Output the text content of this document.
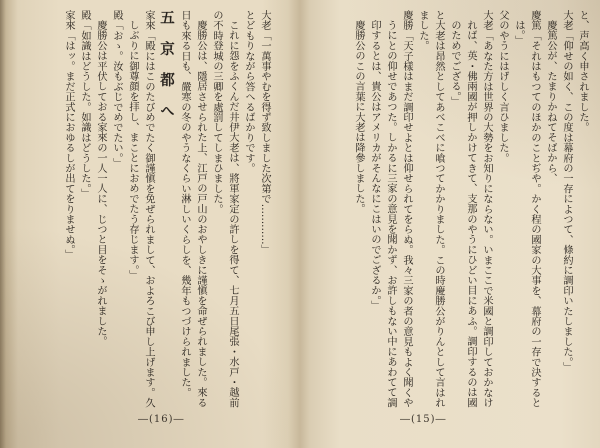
大老「一萬事やむを得ず致しました次第で…………」

とどもりながら答へるばかりです。

これに怨をふくんだ井伊大老は、將軍家定の許しを得て、七月五日尾張・水戸・越前の不時登城の三卿を處罰してしまひました。

慶勝公は、隱居させられた上、江戸の戸山のおやしきに謹愼を命ぜられました。來る日も來る日も、嚴寒の冬のやうなくらい淋しいくらしを、幾年もつづけられました。

五　京　都　へ

家來「殿にはこのたびめでたく御謹愼を免ぜられまして、およろこび申し上げます。久しぶりに御尊顔を拝し、まことにおめでたう存じます。」

殿「おゝ。汝もぶじでめでたい。」

慶勝公は平伏しておる家來の一人一人に、じつと目をそゝがれました。

殿「如識はどうした。如識はどうした。」

家來「はッ。まだ正式におゆるしが出てをりませぬ。」

―(16)―

と、声高く申されました。

大老「仰せの如く、この度は幕府の一存によつて、條約に調印いたしました。」

慶篤公が、たまりかねてそばから、

慶篤「それはもつてのほかのことぢや。かく程の國家の大事を、幕府の一存で決するとは。」

父のやうにはげしく言ひました。

大老「あなた方は世界の大勢をお知りにならない。いまここで米國と調印しておかなければ、英・佛兩國が押しかけてきて、支那のやうにひどい目にあふ。調印するのは國のためでござる。」

と大老は昂然としてあべこべに喰つてかかりました。この時慶勝公がりんとして言はれました。

慶勝「天子樣はまだ調印せよとは仰せられてをらぬ。我々三家の者の意見もよく聞くやうにとの仰せであつた。しかるに三家の意見を聞かず、お許しもない中にあわてて調印するとは、貴公はアメリカがそんなにこはいのでござるか。」

慶勝公のこの言葉に大老は降參しました。

―(15)―
